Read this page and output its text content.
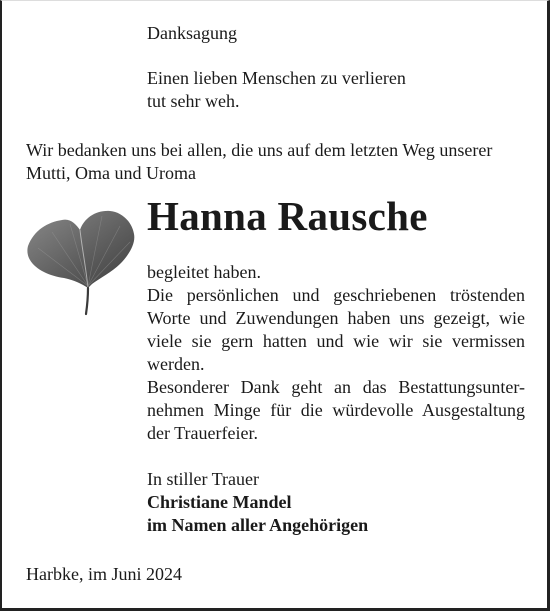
Danksagung
Einen lieben Menschen zu verlieren
tut sehr weh.
Wir bedanken uns bei allen, die uns auf dem letzten Weg unserer
Mutti, Oma und Uroma
Hanna Rausche
begleitet haben.
Die persönlichen und geschriebenen tröstenden
Worte und Zuwendungen haben uns gezeigt, wie
viele sie gern hatten und wie wir sie vermissen
werden.
Besonderer Dank geht an das Bestattungsunter-
nehmen Minge für die würdevolle Ausgestaltung
der Trauerfeier.
In stiller Trauer
Christiane Mandel
im Namen aller Angehörigen
Harbke, im Juni 2024
